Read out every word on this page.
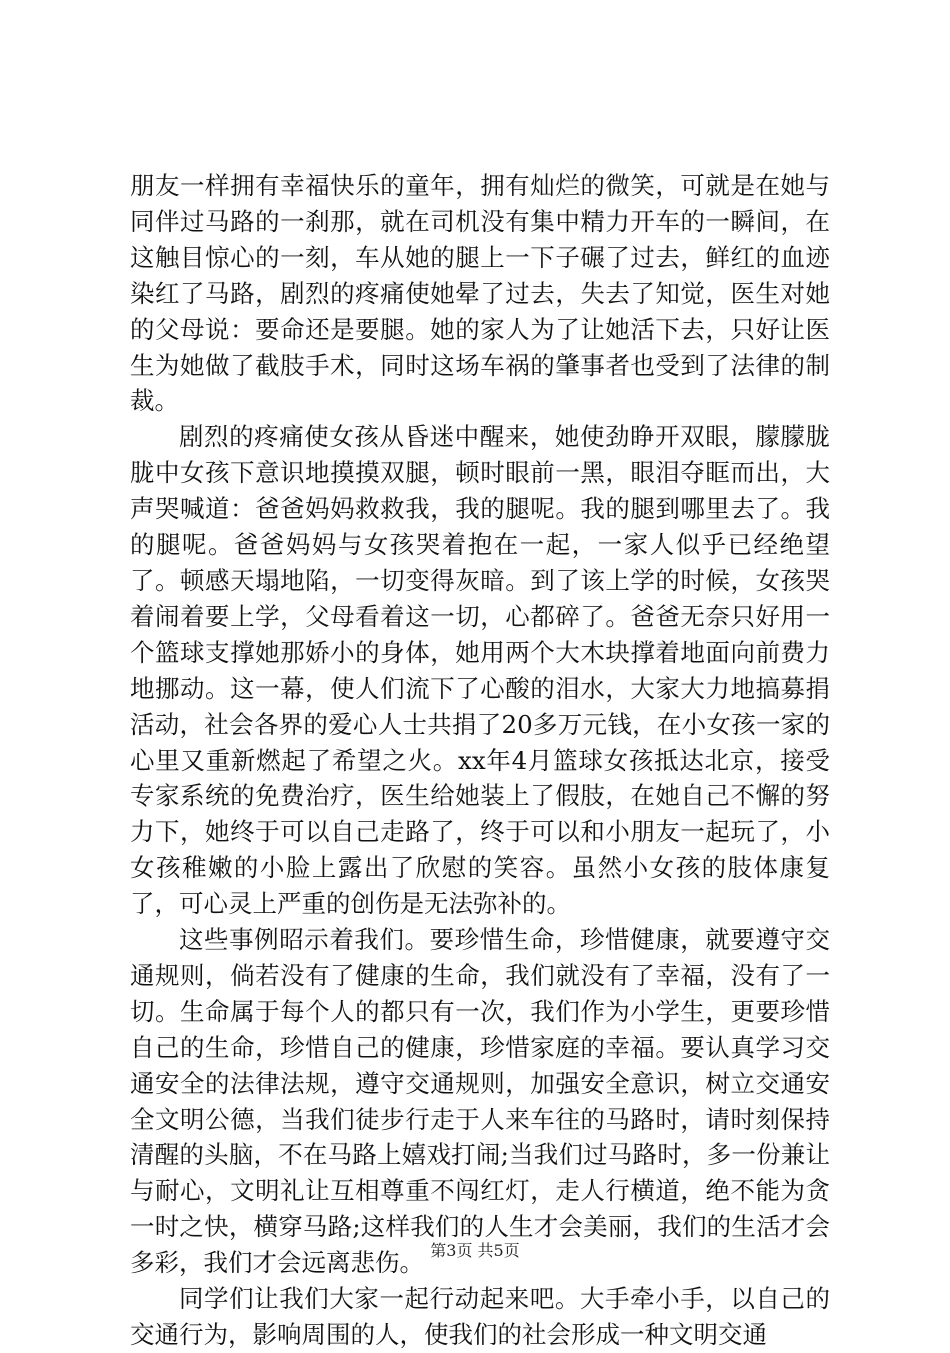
朋友一样拥有幸福快乐的童年，拥有灿烂的微笑，可就是在她与同伴过马路的一刹那，就在司机没有集中精力开车的一瞬间，在这触目惊心的一刻，车从她的腿上一下子碾了过去，鲜红的血迹染红了马路，剧烈的疼痛使她晕了过去，失去了知觉，医生对她的父母说：要命还是要腿。她的家人为了让她活下去，只好让医生为她做了截肢手术，同时这场车祸的肇事者也受到了法律的制裁。

剧烈的疼痛使女孩从昏迷中醒来，她使劲睁开双眼，朦朦胧胧中女孩下意识地摸摸双腿，顿时眼前一黑，眼泪夺眶而出，大声哭喊道：爸爸妈妈救救我，我的腿呢。我的腿到哪里去了。我的腿呢。爸爸妈妈与女孩哭着抱在一起，一家人似乎已经绝望了。顿感天塌地陷，一切变得灰暗。到了该上学的时候，女孩哭着闹着要上学，父母看着这一切，心都碎了。爸爸无奈只好用一个篮球支撑她那娇小的身体，她用两个大木块撑着地面向前费力地挪动。这一幕，使人们流下了心酸的泪水，大家大力地搞募捐活动，社会各界的爱心人士共捐了20多万元钱，在小女孩一家的心里又重新燃起了希望之火。xx年4月篮球女孩抵达北京，接受专家系统的免费治疗，医生给她装上了假肢，在她自己不懈的努力下，她终于可以自己走路了，终于可以和小朋友一起玩了，小女孩稚嫩的小脸上露出了欣慰的笑容。虽然小女孩的肢体康复了，可心灵上严重的创伤是无法弥补的。

这些事例昭示着我们。要珍惜生命，珍惜健康，就要遵守交通规则，倘若没有了健康的生命，我们就没有了幸福，没有了一切。生命属于每个人的都只有一次，我们作为小学生，更要珍惜自己的生命，珍惜自己的健康，珍惜家庭的幸福。要认真学习交通安全的法律法规，遵守交通规则，加强安全意识，树立交通安全文明公德，当我们徒步行走于人来车往的马路时，请时刻保持清醒的头脑，不在马路上嬉戏打闹;当我们过马路时，多一份兼让与耐心，文明礼让互相尊重不闯红灯，走人行横道，绝不能为贪一时之快，横穿马路;这样我们的人生才会美丽，我们的生活才会多彩，我们才会远离悲伤。

同学们让我们大家一起行动起来吧。大手牵小手，以自己的交通行为，影响周围的人，使我们的社会形成一种文明交通

第3页 共5页
